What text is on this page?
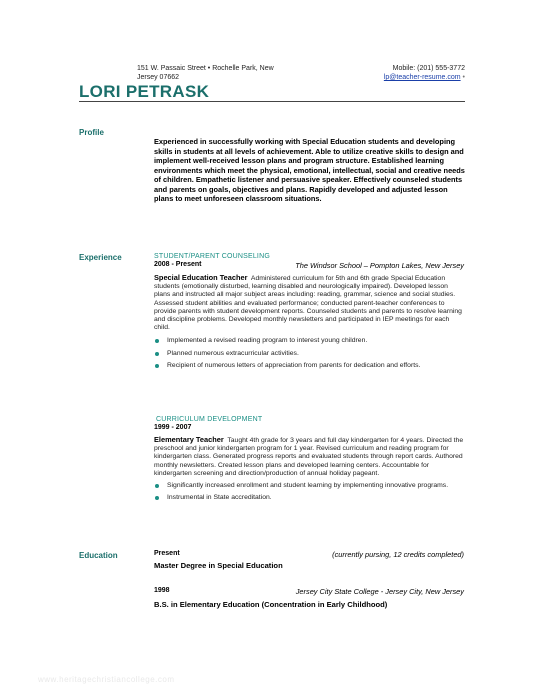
151 W. Passaic Street • Rochelle Park, New Jersey 07662
Mobile: (201) 555-3772
lp@teacher-resume.com •
LORI PETRASK
Profile
Experienced in successfully working with Special Education students and developing skills in students at all levels of achievement. Able to utilize creative skills to design and implement well-received lesson plans and program structure. Established learning environments which meet the physical, emotional, intellectual, social and creative needs of children. Empathetic listener and persuasive speaker. Effectively counseled students and parents on goals, objectives and plans. Rapidly developed and adjusted lesson plans to meet unforeseen classroom situations.
Experience	STUDENT/PARENT COUNSELING
2008 - Present	The Windsor School – Pompton Lakes, New Jersey
Special Education Teacher Administered curriculum for 5th and 6th grade Special Education students (emotionally disturbed, learning disabled and neurologically impaired). Developed lesson plans and instructed all major subject areas including: reading, grammar, science and social studies. Assessed student abilities and evaluated performance; conducted parent-teacher conferences to provide parents with student development reports. Counseled students and parents to resolve learning and discipline problems. Developed monthly newsletters and participated in IEP meetings for each child.
Implemented a revised reading program to interest young children.
Planned numerous extracurricular activities.
Recipient of numerous letters of appreciation from parents for dedication and efforts.
CURRICULUM DEVELOPMENT
1999 - 2007
Elementary Teacher Taught 4th grade for 3 years and full day kindergarten for 4 years. Directed the preschool and junior kindergarten program for 1 year. Revised curriculum and reading program for kindergarten class. Generated progress reports and evaluated students through report cards. Authored monthly newsletters. Created lesson plans and developed learning centers. Accountable for kindergarten screening and direction/production of annual holiday pageant.
Significantly increased enrollment and student learning by implementing innovative programs.
Instrumental in State accreditation.
Education	Present	(currently pursing, 12 credits completed)
Master Degree in Special Education
1998	Jersey City State College - Jersey City, New Jersey
B.S. in Elementary Education (Concentration in Early Childhood)
www.heritagechristiancollege.com
